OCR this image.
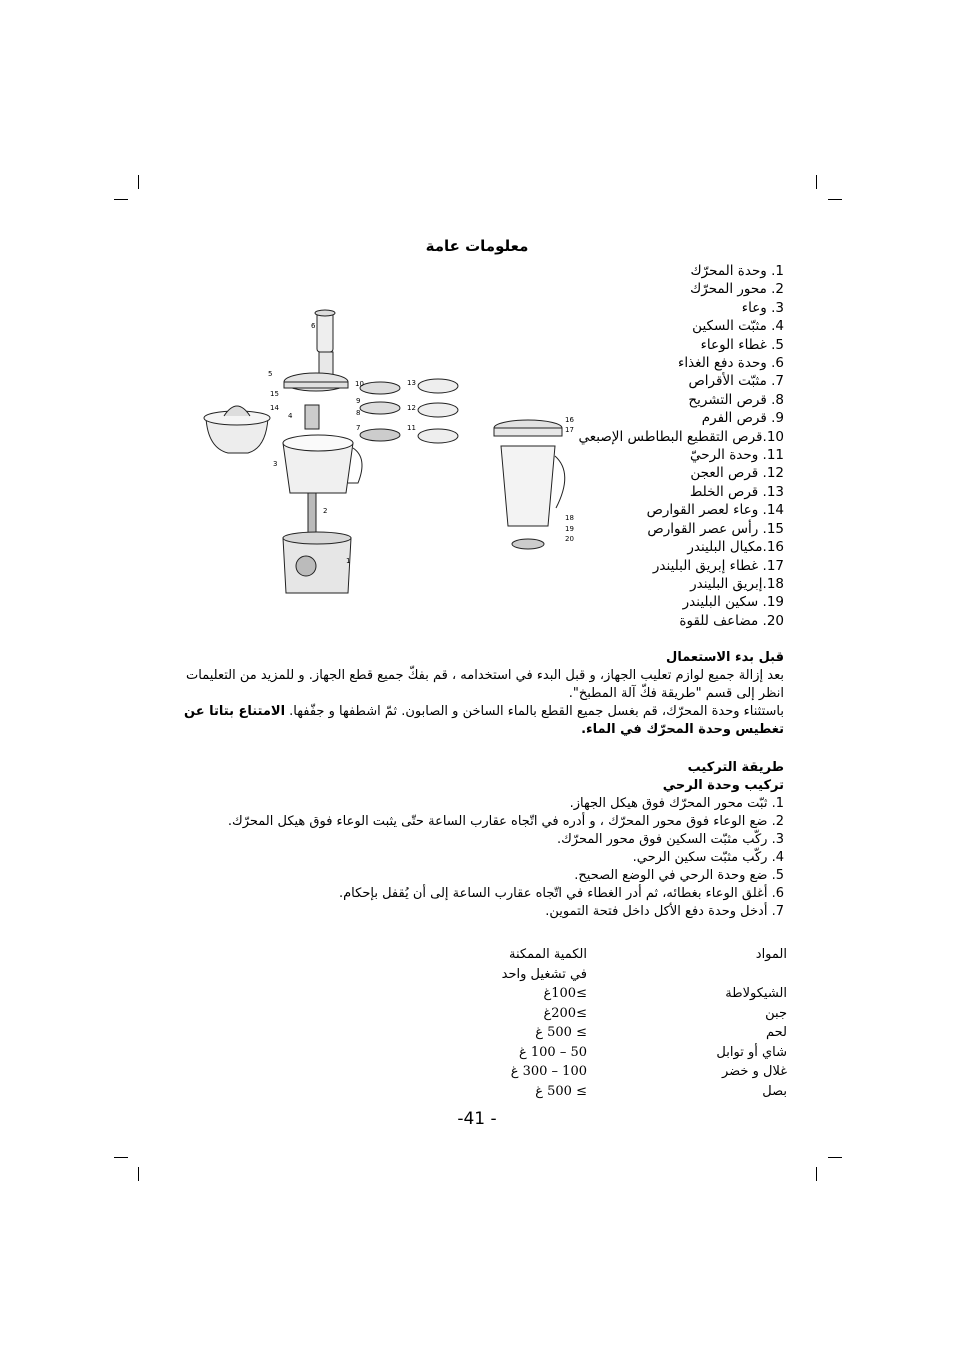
معلومات عامة
1. وحدة المحرّك
2. محور المحرّك
3. وعاء
4. مثبّت السكين
5. غطاء الوعاء
6. وحدة دفع الغذاء
7. مثبّت الأقراص
8. قرص التشريح
9. قرص الفرم
10.قرص التقطيع البطاطس الإصبعي
11. وحدة الرحيّ
12. قرص العجن
13. قرص الخلط
14. وعاء لعصر القوارص
15. رأس عصر القوارص
16.مكيال البليندر
17. غطاء إبريق البليندر
18.إبريق البليندر
19. سكين البليندر
20. مضاعف للقوة
6
5
15
14
4
3
2
1
10
9
8
7
13
12
11
16
17
18
19
20
قبل بدء الاستعمال
بعد إزالة جميع لوازم تعليب الجهاز، و قبل البدء في استخدامه ، قم بفكّ جميع قطع الجهاز. و للمزيد من التعليمات انظر إلى قسم "طريقة فكّ آلة المطبخ".
باستثناء وحدة المحرّك، قم بغسل جميع القطع بالماء الساخن و الصابون. ثمّ اشطفها و جفّفها. الامتناع بتاتا عن تغطيس وحدة المحرّك في الماء.
طريقة التركيب
تركيب وحدة الرحي
1. ثبّت محور المحرّك فوق هيكل الجهاز.
2. ضع الوعاء فوق محور المحرّك ، و أدره في اتّجاه عقارب الساعة حتّى يثبت الوعاء فوق هيكل المحرّك.
3. ركّب مثبّت السكين فوق محور المحرّك.
4. ركّب مثبّت سكين الرحي.
5. ضع وحدة الرحي في الوضع الصحيح.
6. أغلق الوعاء بغطائه، ثم أدر الغطاء في اتّجاه عقارب الساعة إلى أن يُقفل بإحكام.
7. أدخل وحدة دفع الأكل داخل فتحة التموين.
المواد
الكمية الممكنة
في تشغيل واحد
الشيكولاطة
≥100غ
جبن
≥200غ
لحم
≥ 500 غ
شاي أو توابل
50 – 100 غ
غلال و خضر
100 – 300 غ
بصل
≥ 500 غ
-41 -
